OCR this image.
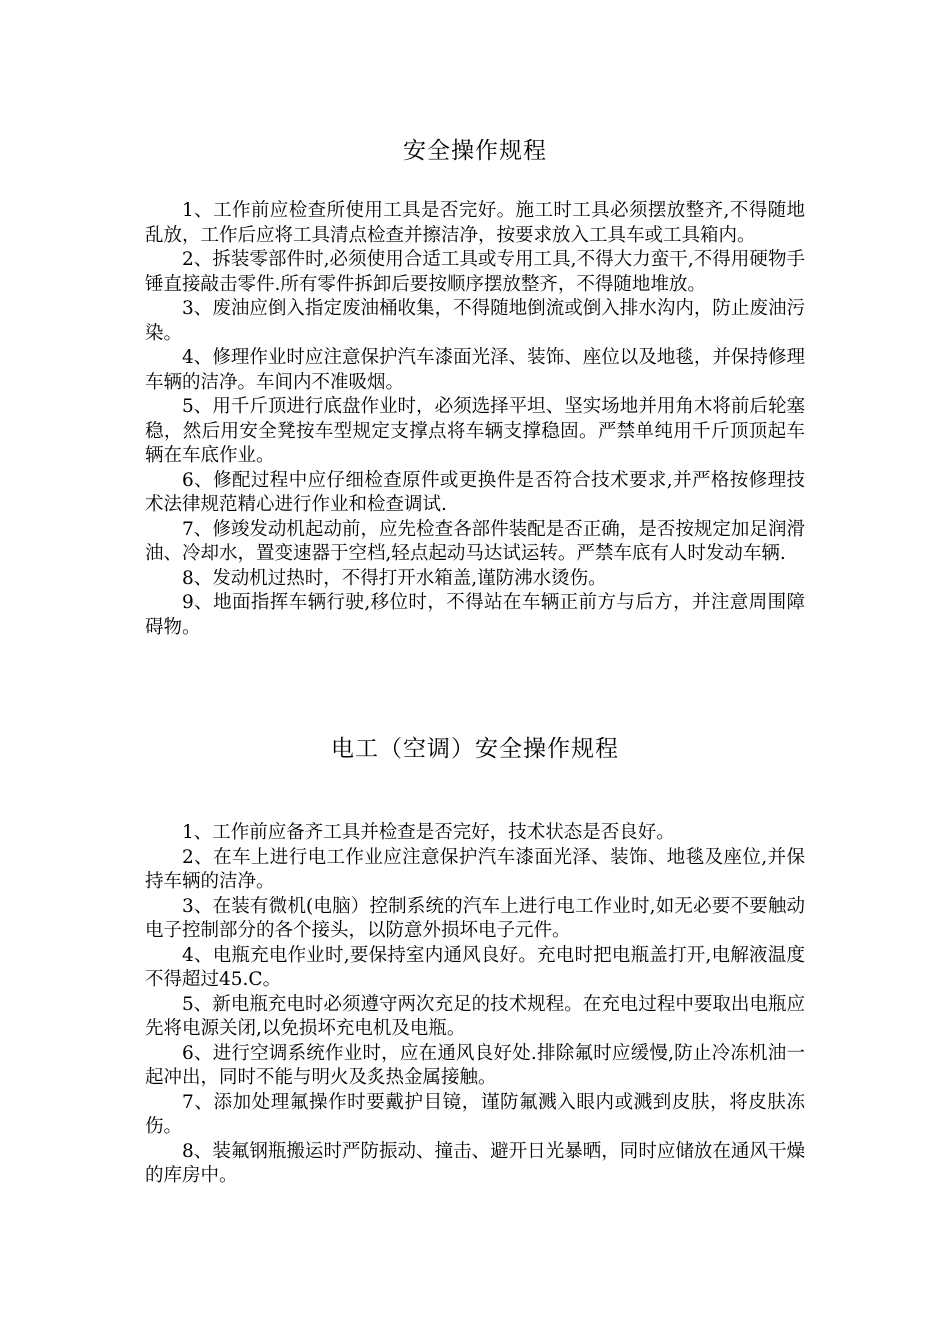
安全操作规程

1、工作前应检查所使用工具是否完好。施工时工具必须摆放整齐,不得随地乱放，工作后应将工具清点检查并擦洁净，按要求放入工具车或工具箱内。

2、拆装零部件时,必须使用合适工具或专用工具,不得大力蛮干,不得用硬物手锤直接敲击零件.所有零件拆卸后要按顺序摆放整齐，不得随地堆放。

3、废油应倒入指定废油桶收集，不得随地倒流或倒入排水沟内，防止废油污染。

4、修理作业时应注意保护汽车漆面光泽、装饰、座位以及地毯，并保持修理车辆的洁净。车间内不准吸烟。

5、用千斤顶进行底盘作业时，必须选择平坦、坚实场地并用角木将前后轮塞稳，然后用安全凳按车型规定支撑点将车辆支撑稳固。严禁单纯用千斤顶顶起车辆在车底作业。

6、修配过程中应仔细检查原件或更换件是否符合技术要求,并严格按修理技术法律规范精心进行作业和检查调试.

7、修竣发动机起动前，应先检查各部件装配是否正确，是否按规定加足润滑油、冷却水，置变速器于空档,轻点起动马达试运转。严禁车底有人时发动车辆.

8、发动机过热时，不得打开水箱盖,谨防沸水烫伤。

9、地面指挥车辆行驶,移位时，不得站在车辆正前方与后方，并注意周围障碍物。

电工（空调）安全操作规程

1、工作前应备齐工具并检查是否完好，技术状态是否良好。

2、在车上进行电工作业应注意保护汽车漆面光泽、装饰、地毯及座位,并保持车辆的洁净。

3、在装有微机(电脑）控制系统的汽车上进行电工作业时,如无必要不要触动电子控制部分的各个接头，以防意外损坏电子元件。

4、电瓶充电作业时,要保持室内通风良好。充电时把电瓶盖打开,电解液温度不得超过45.C。

5、新电瓶充电时必须遵守两次充足的技术规程。在充电过程中要取出电瓶应先将电源关闭,以免损坏充电机及电瓶。

6、进行空调系统作业时，应在通风良好处.排除氟时应缓慢,防止冷冻机油一起冲出，同时不能与明火及炙热金属接触。

7、添加处理氟操作时要戴护目镜，谨防氟溅入眼内或溅到皮肤，将皮肤冻伤。

8、装氟钢瓶搬运时严防振动、撞击、避开日光暴晒，同时应储放在通风干燥的库房中。
